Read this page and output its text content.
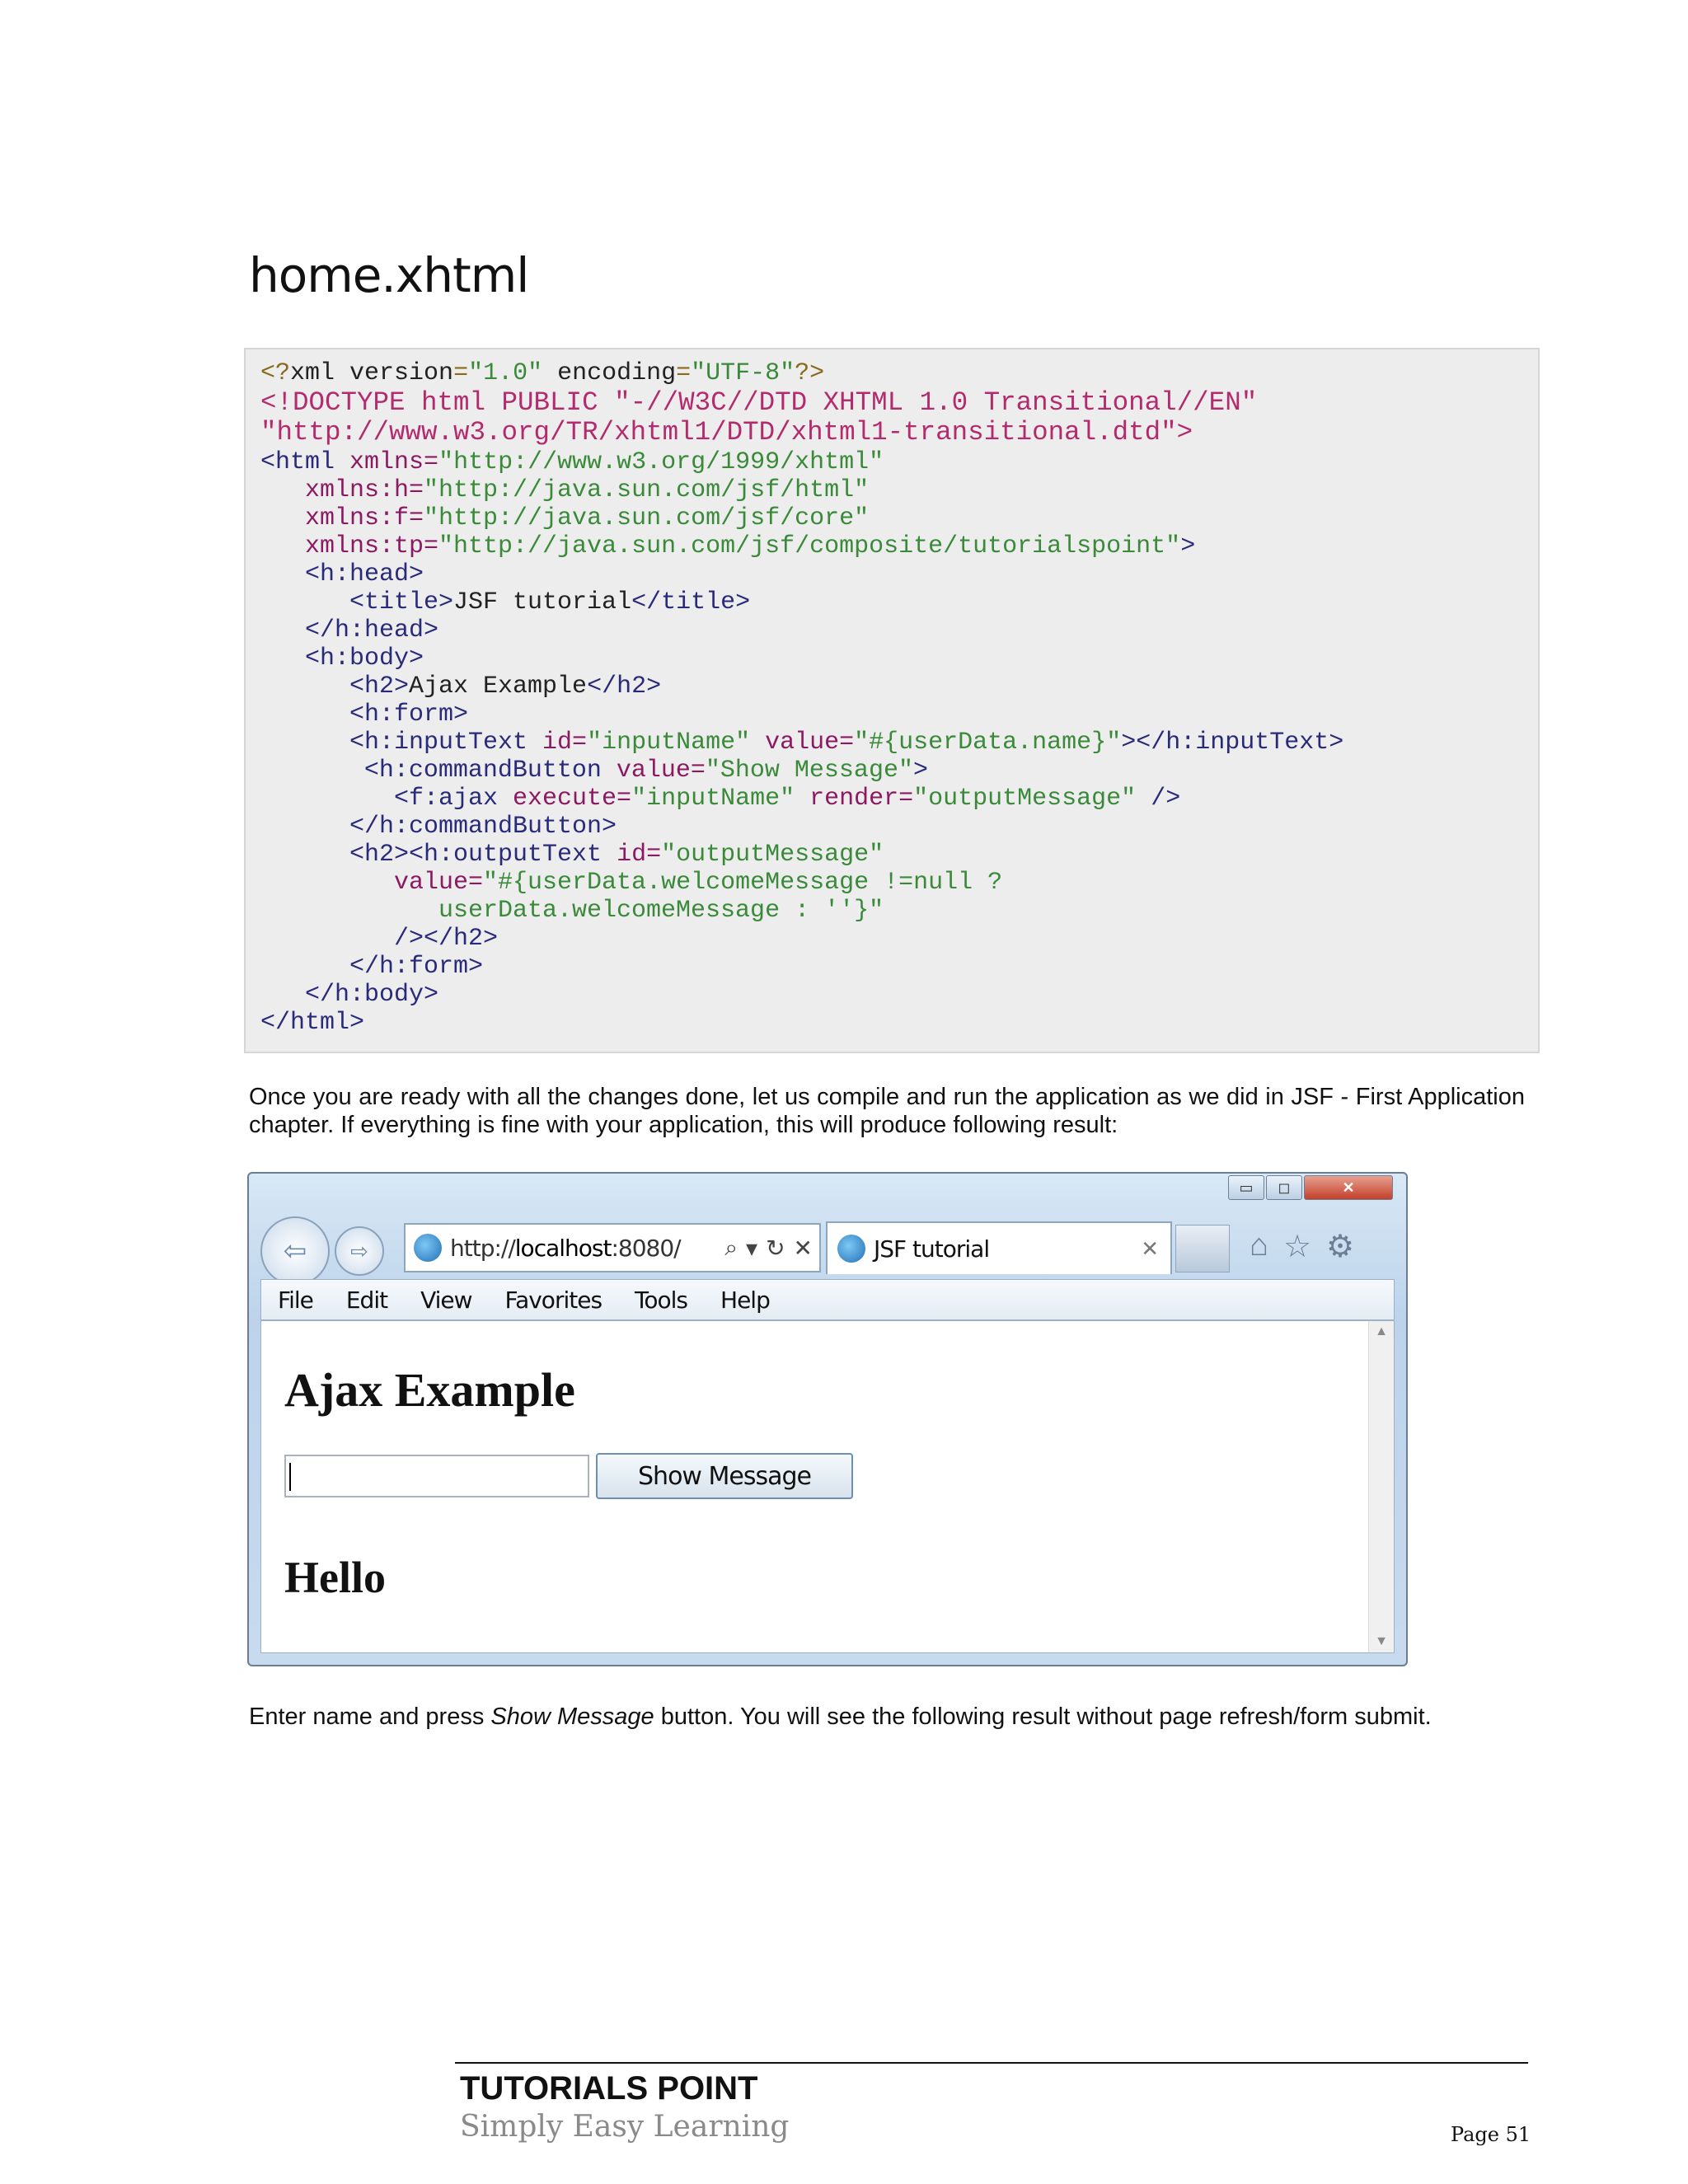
home.xhtml
<?xml version="1.0" encoding="UTF-8"?>
<!DOCTYPE html PUBLIC "-//W3C//DTD XHTML 1.0 Transitional//EN"
"http://www.w3.org/TR/xhtml1/DTD/xhtml1-transitional.dtd">
<html xmlns="http://www.w3.org/1999/xhtml"
xmlns:h="http://java.sun.com/jsf/html"
xmlns:f="http://java.sun.com/jsf/core"
xmlns:tp="http://java.sun.com/jsf/composite/tutorialspoint">
<h:head>
<title>JSF tutorial</title>
</h:head>
<h:body>
<h2>Ajax Example</h2>
<h:form>
<h:inputText id="inputName" value="#{userData.name}"></h:inputText>
<h:commandButton value="Show Message">
<f:ajax execute="inputName" render="outputMessage" />
</h:commandButton>
<h2><h:outputText id="outputMessage"
value="#{userData.welcomeMessage !=null ?
userData.welcomeMessage : ''}"
/></h2>
</h:form>
</h:body>
</html>
Once you are ready with all the changes done, let us compile and run the application as we did in JSF - First Application chapter. If everything is fine with your application, this will produce following result:
▭	◻	✕
⇦	⇨	http://localhost:8080/ ⌕ ▾ ↻ ✕	JSF tutorial	✕	⌂ ☆ ⚙
File Edit View Favorites Tools Help
Ajax Example
Show Message
Hello
▲
▼
Enter name and press Show Message button. You will see the following result without page refresh/form submit.
TUTORIALS POINT
Simply Easy Learning	Page 51
